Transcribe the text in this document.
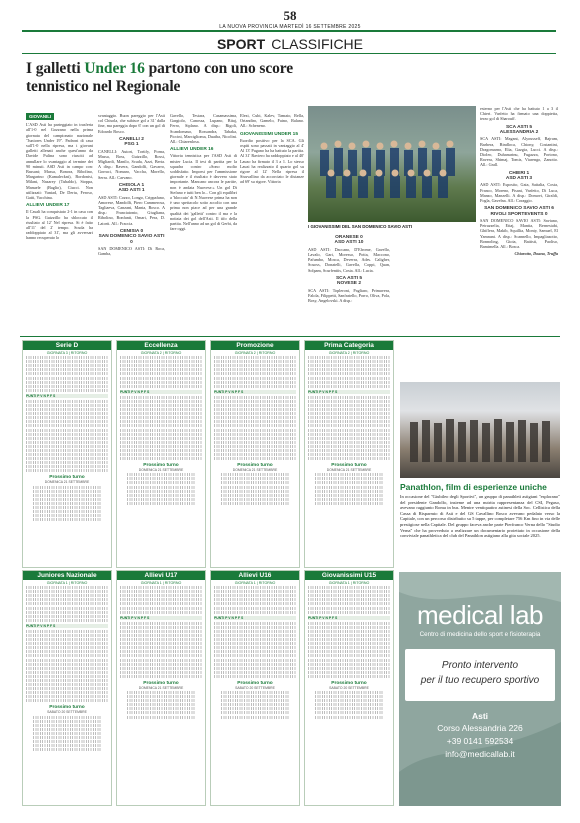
58
LA NUOVA PROVINCIA MARTEDÌ 16 SETTEMBRE 2025
SPORT CLASSIFICHE
I galletti Under 16 partono con uno score tennistico nel Regionale
GIOVANILI
L'ASD Asti ha parteggiato in trasferta all'1-0 nel Gozzano nella prima giornata del campionato nazionale "Juniores Under 19". Padroni di casa sull'1-0 nella ripresa, ma i giovani galletti allenati anche quest'anno da Davide Pulina sono riusciti ad annullare lo svantaggio al termine dei 90 minuti. ASD Asti in campo con: Bassani; Massa, Bonora, Ribolino, Margarino (Kamaleckni), Bordonisi, Milani, Nazarey (Tubaldo), Stoppa, Manuele (Baglio), Ciucci. Non utilizzati: Vaniad, De Deriu, Feroso, Gatti, Vacchina.
ALLIEVI UNDER 17
Il Casali ha conquistato 2-1 in casa con la PSG. Guizzillo ha sbloccato il risultato al 12' Nel ripresa. Si è fatto all'11' del 2' tempo. Scuda ha raddoppiato al 31', ma gli avversari hanno recuperato lo
svantaggio. Buon pareggio per l'Asti col Chisola, che subisce gol a 31' dalla fine, ma pareggia dopo 6' con un gol di Edoardo Bosco.
CANELLI 2
PSG 1
CANELLI: Autori, Tortify, Porna, Massa, Boss, Guizzillo, Rossi, Migliardi, Manilo, Scuda, Azzi, Berta. A disp.: Ravera, Gandolfi, Gavarro, Gorraci, Nomaro, Vaccha, Morello, Serra. All.: Carvano.
CHISOLA 1
ASD ASTI 1
ASD ASTI: Cozzo, Longo, Crippafano, Amorese, Mandolfi, Piero Cammerosa, Tagliaeva, Canzani, Manta, Bosco. A disp.: Franciatonio, Giugliana, Ribolino, Bonfanti, Omari, Pera, D. Latorti. All.: Fraccia.
CENISIA 0
SAN DOMENICO SAVIO ASTI 0
SAN DOMENICO ASTI: Di Roca, Gamba,
Gavello, Testara, Casamassima, Gargiolo, Canossa, Lupano, Bitaj, Ferro, Siplano. A disp.: Rigoli, Scandomaso, Rossandra, Tabaka, Piccini, Marciglioma, Duaiba, Nicolini. All.: Chiarenlosa.
ALLIEVI UNDER 16
Vittoria tennistica per l'ASD Asti di mister Lucia. Il test di partita per la squadra contro «Sono molto soddisfatto. Imporsi per l'ammissione giornale e il risultato è davvero stato importante. Mancano ancora le partite, non è andata Nuovese.» Un gol Di Stefano e tutti ben lo... Con gli equilibri a 'bloccato' di N.Nuovese prima ha non è uno spettacolo sotto accolto con una prima non piace ad per una grande qualità dei 'galletti' contro il ma e la notizia dei gol dell'Asti. Il tifo della partita. Nell'anno ad un gol di Gerbi, da fare oggi.
Elezi, Cubi, Kalev, Tamaio, Rella, Ortandiro, Gamelo, Faino, Ralano. All.: Scheneno.
GIOVANISSIMI UNDER 15
Esordio positivo per la SCA. Gli ospiti sono passati in vantaggio al 4' Al 13' Pugano ha ha battuto la partita. Al 31' Raviero ha raddoppiato e al 40' Lauzo ha firmato il 3 a 1. Lo stesso Lauzi ha realizzato il quarto gol su rigore al 12' Nella ripresa il Sisuvallino da accorciato le distanze ad 69' su rigore. Vittoria
I GIOVANISSIMI DEL SAN DOMENICO SAVIO ASTI
ORANESE 0
ASD ASTI 10
ASD ASTI: Daccano, D'Efrome, Gavello, Lavalo, Gari, Moresso, Potta, Maccono, Pafumbo, Mosca, Deverra, Ades. Caligher, Scuoss, Donatelli, Gavella, Coppi, Quan, Solpam, Scurfentiis, Costa. All.: Lucia.
SCA ASTI 5
NOVESE 2
SCA ASTI: Topleroni, Pagliaro, Primavera, Falola, Filippetti, Sanfratello, Porro, Oliva, Pola, Bosy, Angelovski. A disp.:
esterno per l'Asti che ha battuto 1 a 3 il Chieri. Varfetto ha firmato una doppietta, terzo gol di Sharouff.
SCA ASTI 5
ALESSANDRIA 2
SCA ASTI: Magani, Alyousseff, Bajram, Barbera, Bindloca, Chiony, Costantini, Dragomarno, Elia, Gazgia, Lucci. A disp.: Dioleo, Duhanurinu, Fugazza, Portono, Ravera, Shimaj, Tomis, Viarengo, Zanotto. All.: Grall.
CHIERI 1
ASD ASTI 3
ASD ASTI: Esposito, Gaia, Saitalia, Costa, Franco, Moreno, Pisani, Varfetto, Di Luca, Manzo, Manzelli. A disp.: Domovi, Giraldi, Fogla, Gavelna. All.: Coraggio.
SAN DOMENICO SAVIO ASTI 6
RIVOLI SPORTEVENTS 0
SAN DOMENICO SAVIO ASTI: Saviano, Petruzzelia, Ettaj, Mantia, Bernestabi, Ghiflera, Makib, Squillia, Monty, Samuel, El Yamnani. A disp.: Scannello, Impagliazotto, Bonnoling, Gioia, Battisti, Paoliso, Bamimella. All.: Bosca.
Chiarotto, Doana, Truffa
Serie D
GIORNATA 3 | RITORNO
PUNTI P V N P F S
Prossimo turno
DOMENICA 21 SETTEMBRE
Eccellenza
GIORNATA 2 | RITORNO
PUNTI P V N P F S
Prossimo turno
DOMENICA 21 SETTEMBRE
Promozione
GIORNATA 2 | RITORNO
PUNTI P V N P F S
Prossimo turno
DOMENICA 21 SETTEMBRE
Prima Categoria
GIORNATA 2 | RITORNO
PUNTI P V N P F S
Prossimo turno
DOMENICA 21 SETTEMBRE
Juniores Nazionale
GIORNATA 1 | RITORNO
PUNTI P V N P F S
Prossimo turno
SABATO 20 SETTEMBRE
Allievi U17
GIORNATA 1 | RITORNO
PUNTI P V N P F S
Prossimo turno
DOMENICA 21 SETTEMBRE
Allievi U16
GIORNATA 1 | RITORNO
PUNTI P V N P F S
Prossimo turno
SABATO 20 SETTEMBRE
Giovanissimi U15
GIORNATA 1 | RITORNO
PUNTI P V N P F S
Prossimo turno
SABATO 20 SETTEMBRE
Panathlon, film di esperienze uniche
In occasione del "Giubileo degli Sportivi", un gruppo di panathleti astigiani "esplorano" del presidente Gandolfo, insieme ad una nutrita rappresentanza del CSI, Pegaso, avevano raggiunto Roma in bus. Mentre ventiquattro astinesi della Soc. Cellistica della Cassa di Risparmio di Asti e del GS Cavallino Bosco avevano pedalato verso la Capitale, con un percorso distribuito su 5 tappe, per completare 756 Km fino in via delle prestigiose nella Capitale. Del gruppo faceva anche parte Pierfranco Verna dello "Studio Verna" che ha provveduto a realizzare un documentario proiettato in occasione della conviviale panathletica del club del Panathlon astigiano alla gita sociale 2025.
medical lab
Centro di medicina dello sport e fisioterapia
Pronto intervento
per il tuo recupero sportivo
Asti
Corso Alessandria 226
+39 0141 592534
info@medicallab.it
